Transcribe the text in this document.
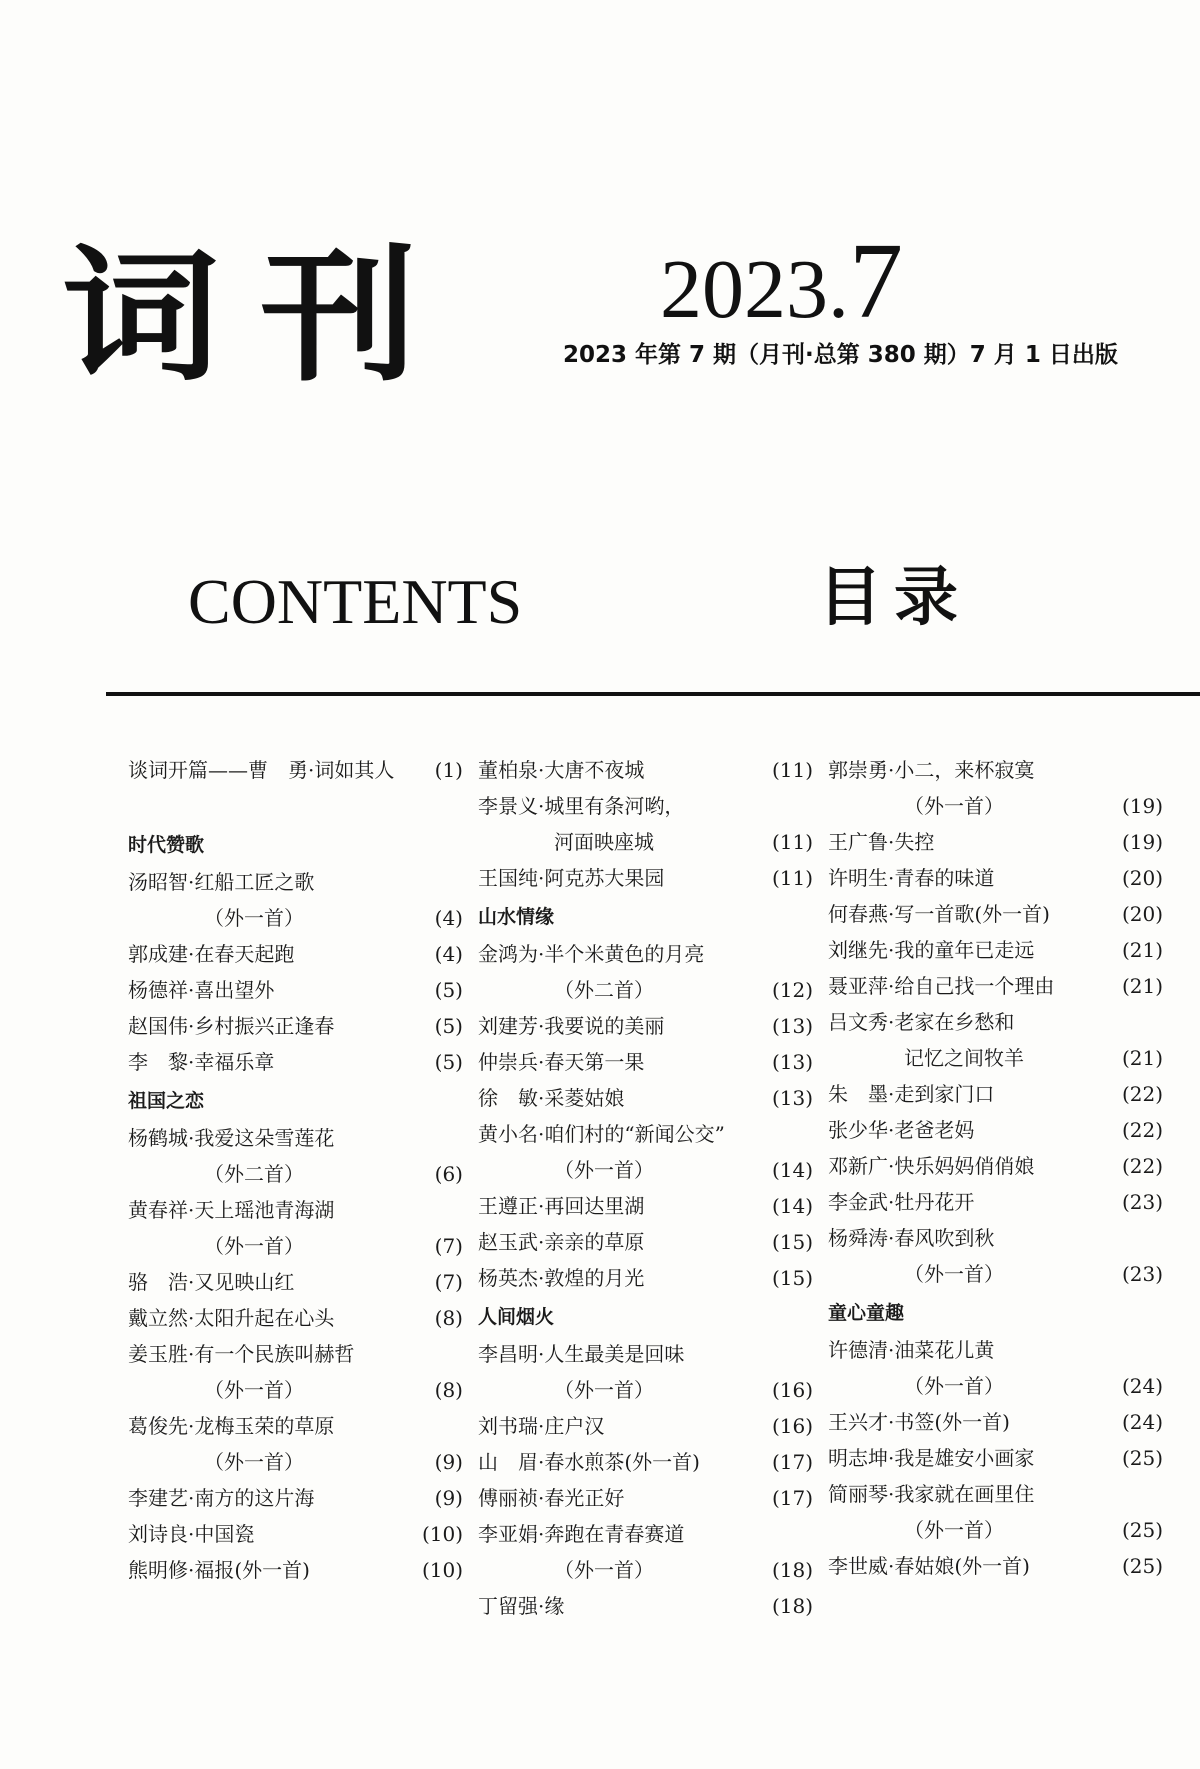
词刊 2023.7
2023 年第 7 期（月刊·总第 380 期）7 月 1 日出版
CONTENTS	目录
谈词开篇——曹　勇·词如其人	(1)
时代赞歌
汤昭智·红船工匠之歌
（外一首）	(4)
郭成建·在春天起跑	(4)
杨德祥·喜出望外	(5)
赵国伟·乡村振兴正逢春	(5)
李　黎·幸福乐章	(5)
祖国之恋
杨鹤城·我爱这朵雪莲花
（外二首）	(6)
黄春祥·天上瑶池青海湖
（外一首）	(7)
骆　浩·又见映山红	(7)
戴立然·太阳升起在心头	(8)
姜玉胜·有一个民族叫赫哲
（外一首）	(8)
葛俊先·龙梅玉荣的草原
（外一首）	(9)
李建艺·南方的这片海	(9)
刘诗良·中国瓷	(10)
熊明修·福报(外一首)	(10)
董柏泉·大唐不夜城	(11)
李景义·城里有条河哟，
河面映座城	(11)
王国纯·阿克苏大果园	(11)
山水情缘
金鸿为·半个米黄色的月亮
（外二首）	(12)
刘建芳·我要说的美丽	(13)
仲崇兵·春天第一果	(13)
徐　敏·采菱姑娘	(13)
黄小名·咱们村的“新闻公交”
（外一首）	(14)
王遵正·再回达里湖	(14)
赵玉武·亲亲的草原	(15)
杨英杰·敦煌的月光	(15)
人间烟火
李昌明·人生最美是回味
（外一首）	(16)
刘书瑞·庄户汉	(16)
山　眉·春水煎茶(外一首)	(17)
傅丽祯·春光正好	(17)
李亚娟·奔跑在青春赛道
（外一首）	(18)
丁留强·缘	(18)
郭崇勇·小二，来杯寂寞
（外一首）	(19)
王广鲁·失控	(19)
许明生·青春的味道	(20)
何春燕·写一首歌(外一首)	(20)
刘继先·我的童年已走远	(21)
聂亚萍·给自己找一个理由	(21)
吕文秀·老家在乡愁和
记忆之间牧羊	(21)
朱　墨·走到家门口	(22)
张少华·老爸老妈	(22)
邓新广·快乐妈妈俏俏娘	(22)
李金武·牡丹花开	(23)
杨舜涛·春风吹到秋
（外一首）	(23)
童心童趣
许德清·油菜花儿黄
（外一首）	(24)
王兴才·书签(外一首)	(24)
明志坤·我是雄安小画家	(25)
简丽琴·我家就在画里住
（外一首）	(25)
李世威·春姑娘(外一首)	(25)
